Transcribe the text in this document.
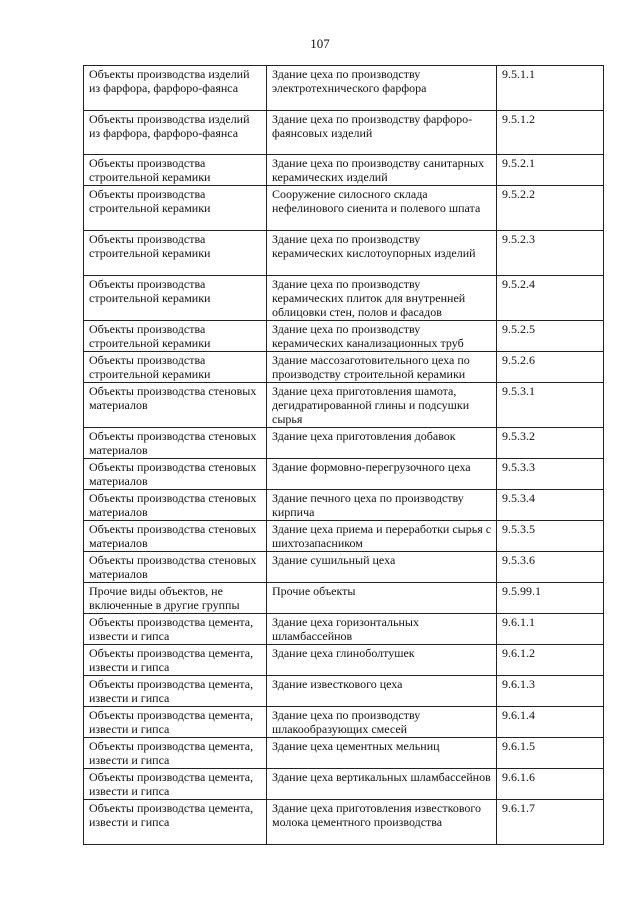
107
Объекты производства изделий из фарфора, фарфоро-фаянса	Здание цеха по производству электротехнического фарфора	9.5.1.1
Объекты производства изделий из фарфора, фарфоро-фаянса	Здание цеха по производству фарфоро-фаянсовых изделий	9.5.1.2
Объекты производства строительной керамики	Здание цеха по производству санитарных керамических изделий	9.5.2.1
Объекты производства строительной керамики	Сооружение силосного склада нефелинового сиенита и полевого шпата	9.5.2.2
Объекты производства строительной керамики	Здание цеха по производству керамических кислотоупорных изделий	9.5.2.3
Объекты производства строительной керамики	Здание цеха по производству керамических плиток для внутренней облицовки стен, полов и фасадов	9.5.2.4
Объекты производства строительной керамики	Здание цеха по производству керамических канализационных труб	9.5.2.5
Объекты производства строительной керамики	Здание массозаготовительного цеха по производству строительной керамики	9.5.2.6
Объекты производства стеновых материалов	Здание цеха приготовления шамота, дегидратированной глины и подсушки сырья	9.5.3.1
Объекты производства стеновых материалов	Здание цеха приготовления добавок	9.5.3.2
Объекты производства стеновых материалов	Здание формовно-перегрузочного цеха	9.5.3.3
Объекты производства стеновых материалов	Здание печного цеха по производству кирпича	9.5.3.4
Объекты производства стеновых материалов	Здание цеха приема и переработки сырья с шихтозапасником	9.5.3.5
Объекты производства стеновых материалов	Здание сушильный цеха	9.5.3.6
Прочие виды объектов, не включенные в другие группы	Прочие объекты	9.5.99.1
Объекты производства цемента, извести и гипса	Здание цеха горизонтальных шламбассейнов	9.6.1.1
Объекты производства цемента, извести и гипса	Здание цеха глиноболтушек	9.6.1.2
Объекты производства цемента, извести и гипса	Здание известкового цеха	9.6.1.3
Объекты производства цемента, извести и гипса	Здание цеха по производству шлакообразующих смесей	9.6.1.4
Объекты производства цемента, извести и гипса	Здание цеха цементных мельниц	9.6.1.5
Объекты производства цемента, извести и гипса	Здание цеха вертикальных шламбассейнов	9.6.1.6
Объекты производства цемента, извести и гипса	Здание цеха приготовления известкового молока цементного производства	9.6.1.7
